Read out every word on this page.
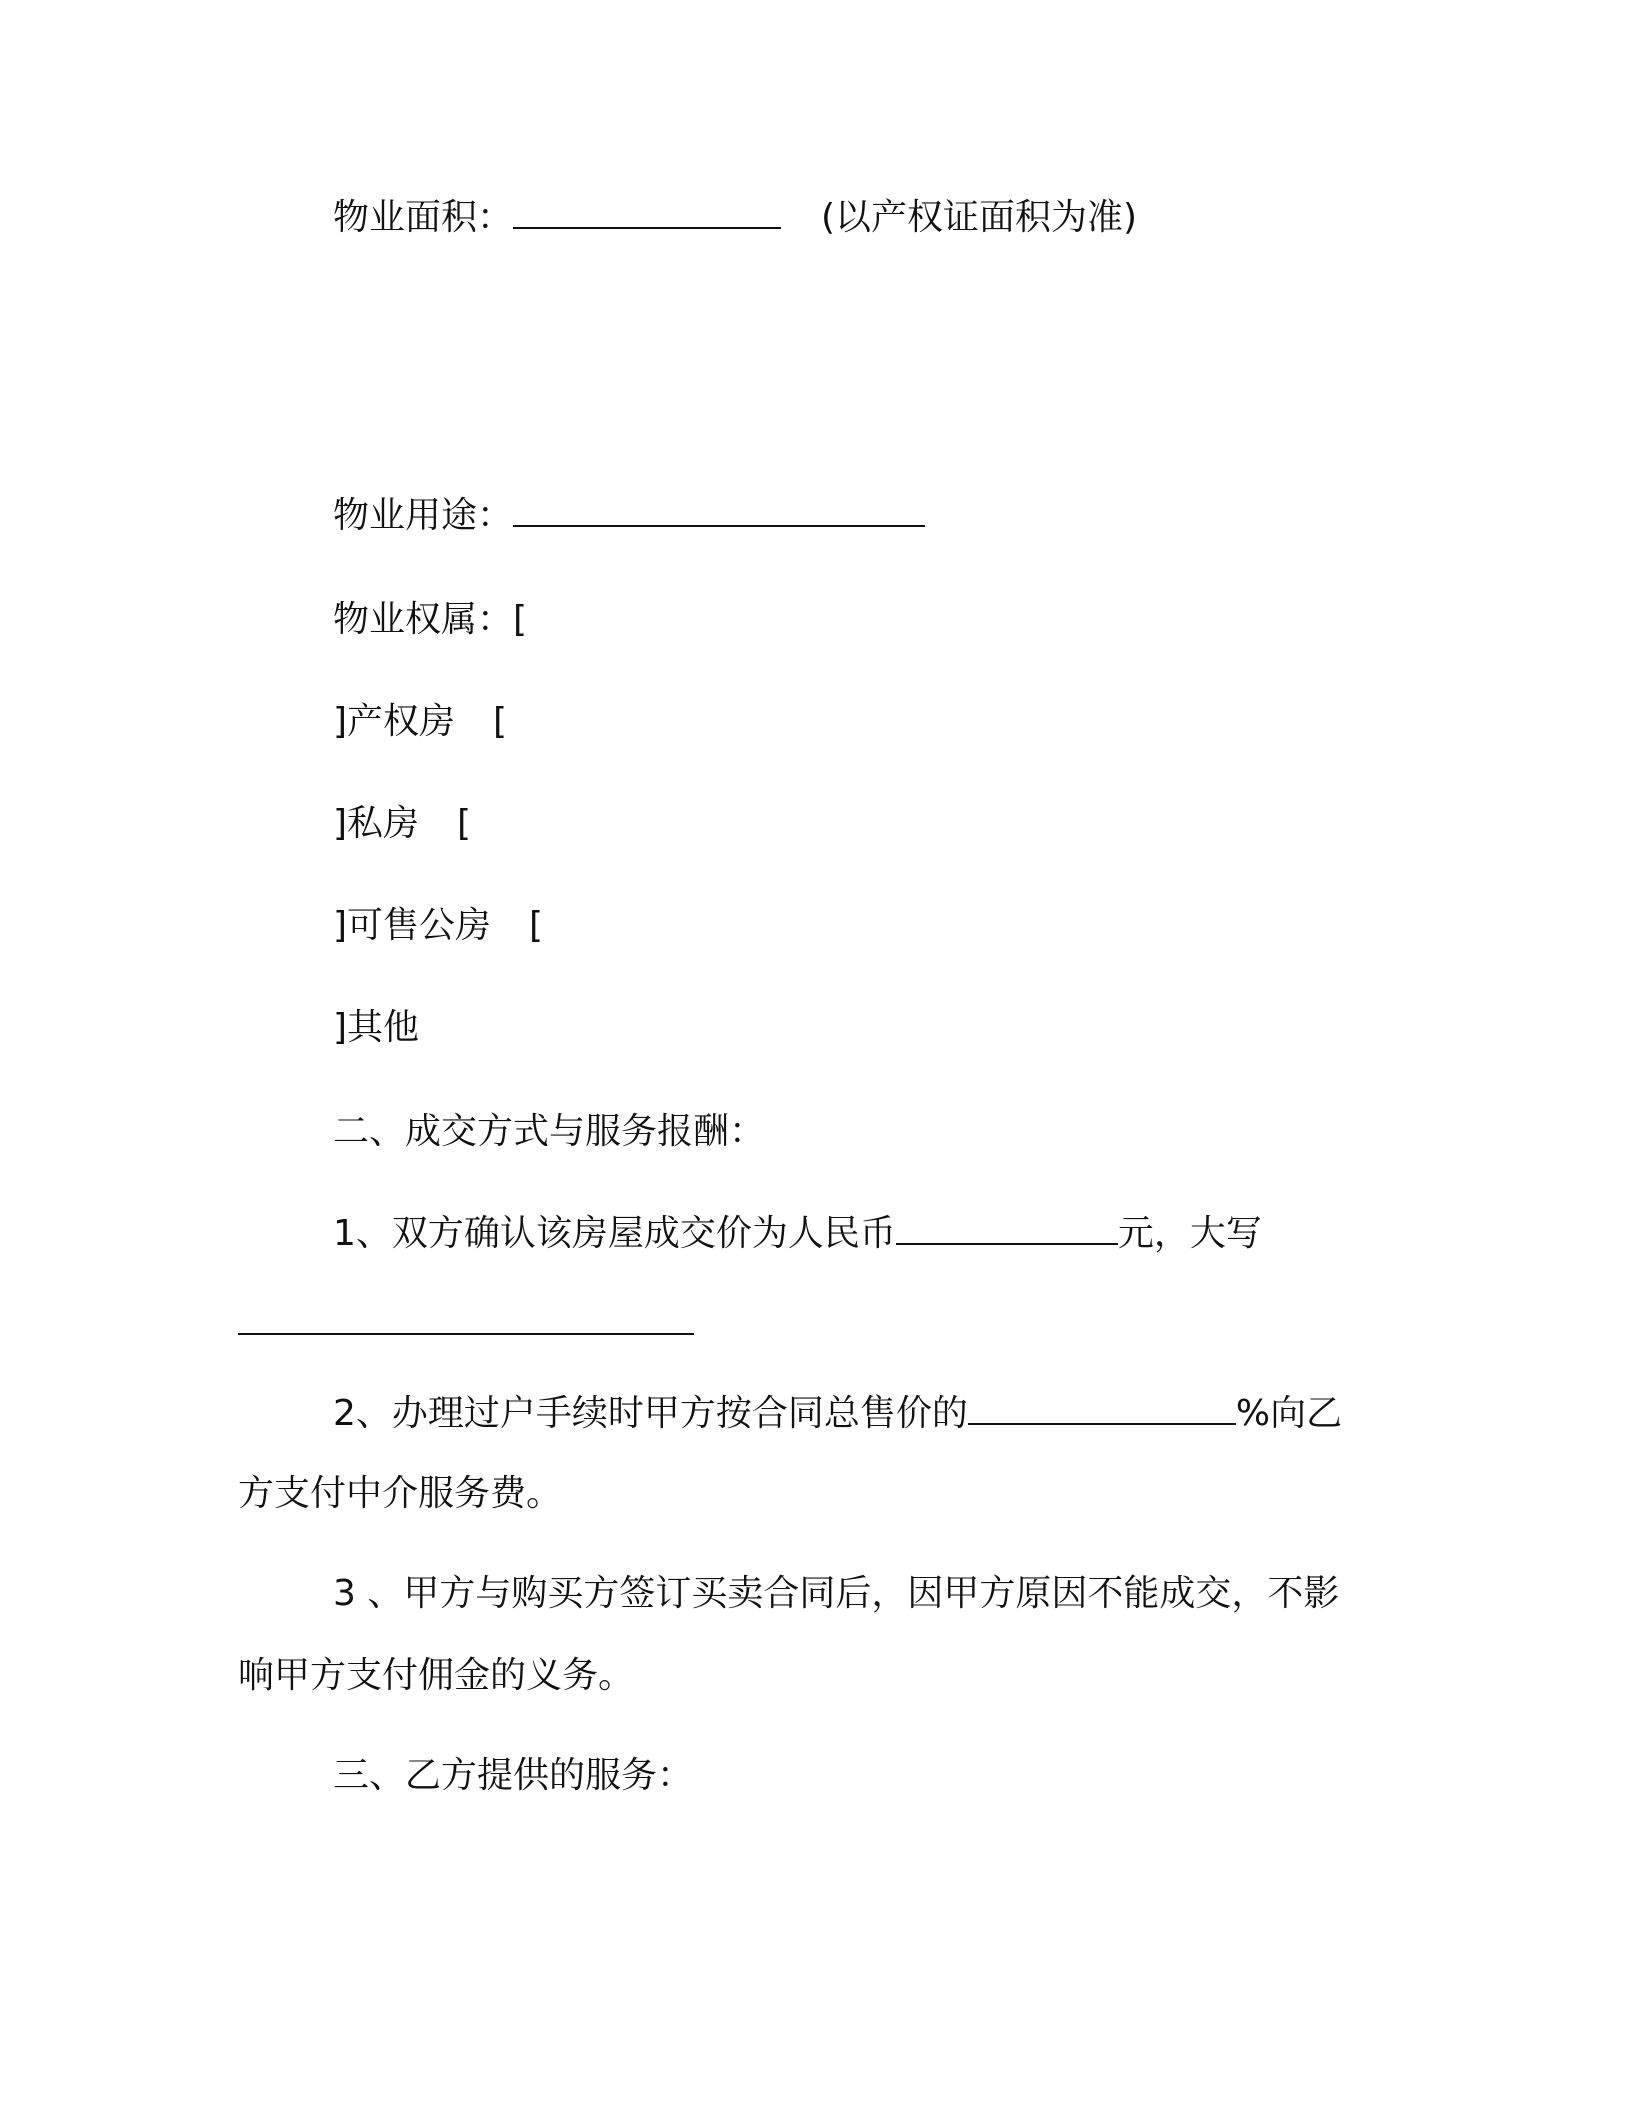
物业面积：	(以产权证面积为准)
物业用途：
物业权属：[
]产权房 [
]私房 [
]可售公房 [
]其他
二、成交方式与服务报酬：
1、双方确认该房屋成交价为人民币	元，大写
2、办理过户手续时甲方按合同总售价的	%向乙
方支付中介服务费。
3 、甲方与购买方签订买卖合同后，因甲方原因不能成交，不影
响甲方支付佣金的义务。
三、乙方提供的服务：
